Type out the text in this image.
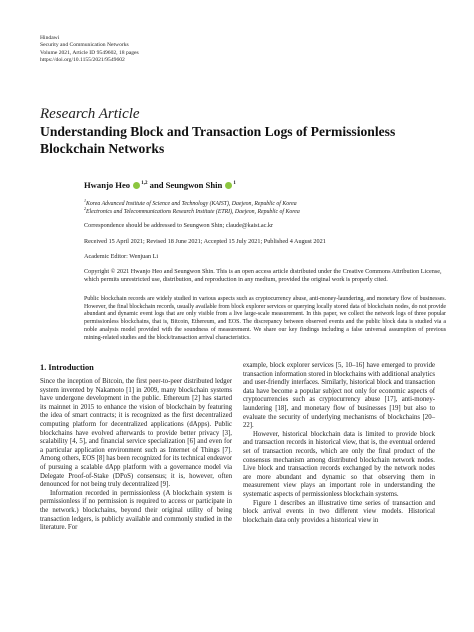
Hindawi
Security and Communication Networks
Volume 2021, Article ID 9549602, 18 pages
https://doi.org/10.1155/2021/9549602
Research Article
Understanding Block and Transaction Logs of Permissionless Blockchain Networks
Hwanjo Heo $^{1,2}$ and Seungwon Shin $^1$
$^1$Korea Advanced Institute of Science and Technology (KAIST), Daejeon, Republic of Korea
$^2$Electronics and Telecommunications Research Institute (ETRI), Daejeon, Republic of Korea
Correspondence should be addressed to Seungwon Shin; claude@kaist.ac.kr
Received 15 April 2021; Revised 18 June 2021; Accepted 15 July 2021; Published 4 August 2021
Academic Editor: Wenjuan Li
Copyright © 2021 Hwanjo Heo and Seungwon Shin. This is an open access article distributed under the Creative Commons Attribution License, which permits unrestricted use, distribution, and reproduction in any medium, provided the original work is properly cited.
Public blockchain records are widely studied in various aspects such as cryptocurrency abuse, anti-money-laundering, and monetary flow of businesses. However, the final blockchain records, usually available from block explorer services or querying locally stored data of blockchain nodes, do not provide abundant and dynamic event logs that are only visible from a live large-scale measurement. In this paper, we collect the network logs of three popular permissionless blockchains, that is, Bitcoin, Ethereum, and EOS. The discrepancy between observed events and the public block data is studied via a noble analysis model provided with the soundness of measurement. We share our key findings including a false universal assumption of previous mining-related studies and the block/transaction arrival characteristics.
1. Introduction

Since the inception of Bitcoin, the first peer-to-peer distributed ledger system invented by Nakamoto [1] in 2009, many blockchain systems have undergone development in the public. Ethereum [2] has started its mainnet in 2015 to enhance the vision of blockchain by featuring the idea of smart contracts; it is recognized as the first decentralized computing platform for decentralized applications (dApps). Public blockchains have evolved afterwards to provide better privacy [3], scalability [4, 5], and financial service specialization [6] and even for a particular application environment such as Internet of Things [7]. Among others, EOS [8] has been recognized for its technical endeavor of pursuing a scalable dApp platform with a governance model via Delegate Proof-of-Stake (DPoS) consensus; it is, however, often denounced for not being truly decentralized [9].

Information recorded in permissionless (A blockchain system is permissionless if no permission is required to access or participate in the network.) blockchains, beyond their original utility of being transaction ledgers, is publicly available and commonly studied in the literature. For

example, block explorer services [5, 10–16] have emerged to provide transaction information stored in blockchains with additional analytics and user-friendly interfaces. Similarly, historical block and transaction data have become a popular subject not only for economic aspects of cryptocurrencies such as cryptocurrency abuse [17], anti-money-laundering [18], and monetary flow of businesses [19] but also to evaluate the security of underlying mechanisms of blockchains [20–22].

However, historical blockchain data is limited to provide block and transaction records in historical view, that is, the eventual ordered set of transaction records, which are only the final product of the consensus mechanism among distributed blockchain network nodes. Live block and transaction records exchanged by the network nodes are more abundant and dynamic so that observing them in measurement view plays an important role in understanding the systematic aspects of permissionless blockchain systems.

Figure 1 describes an illustrative time series of transaction and block arrival events in two different view models. Historical blockchain data only provides a historical view in
